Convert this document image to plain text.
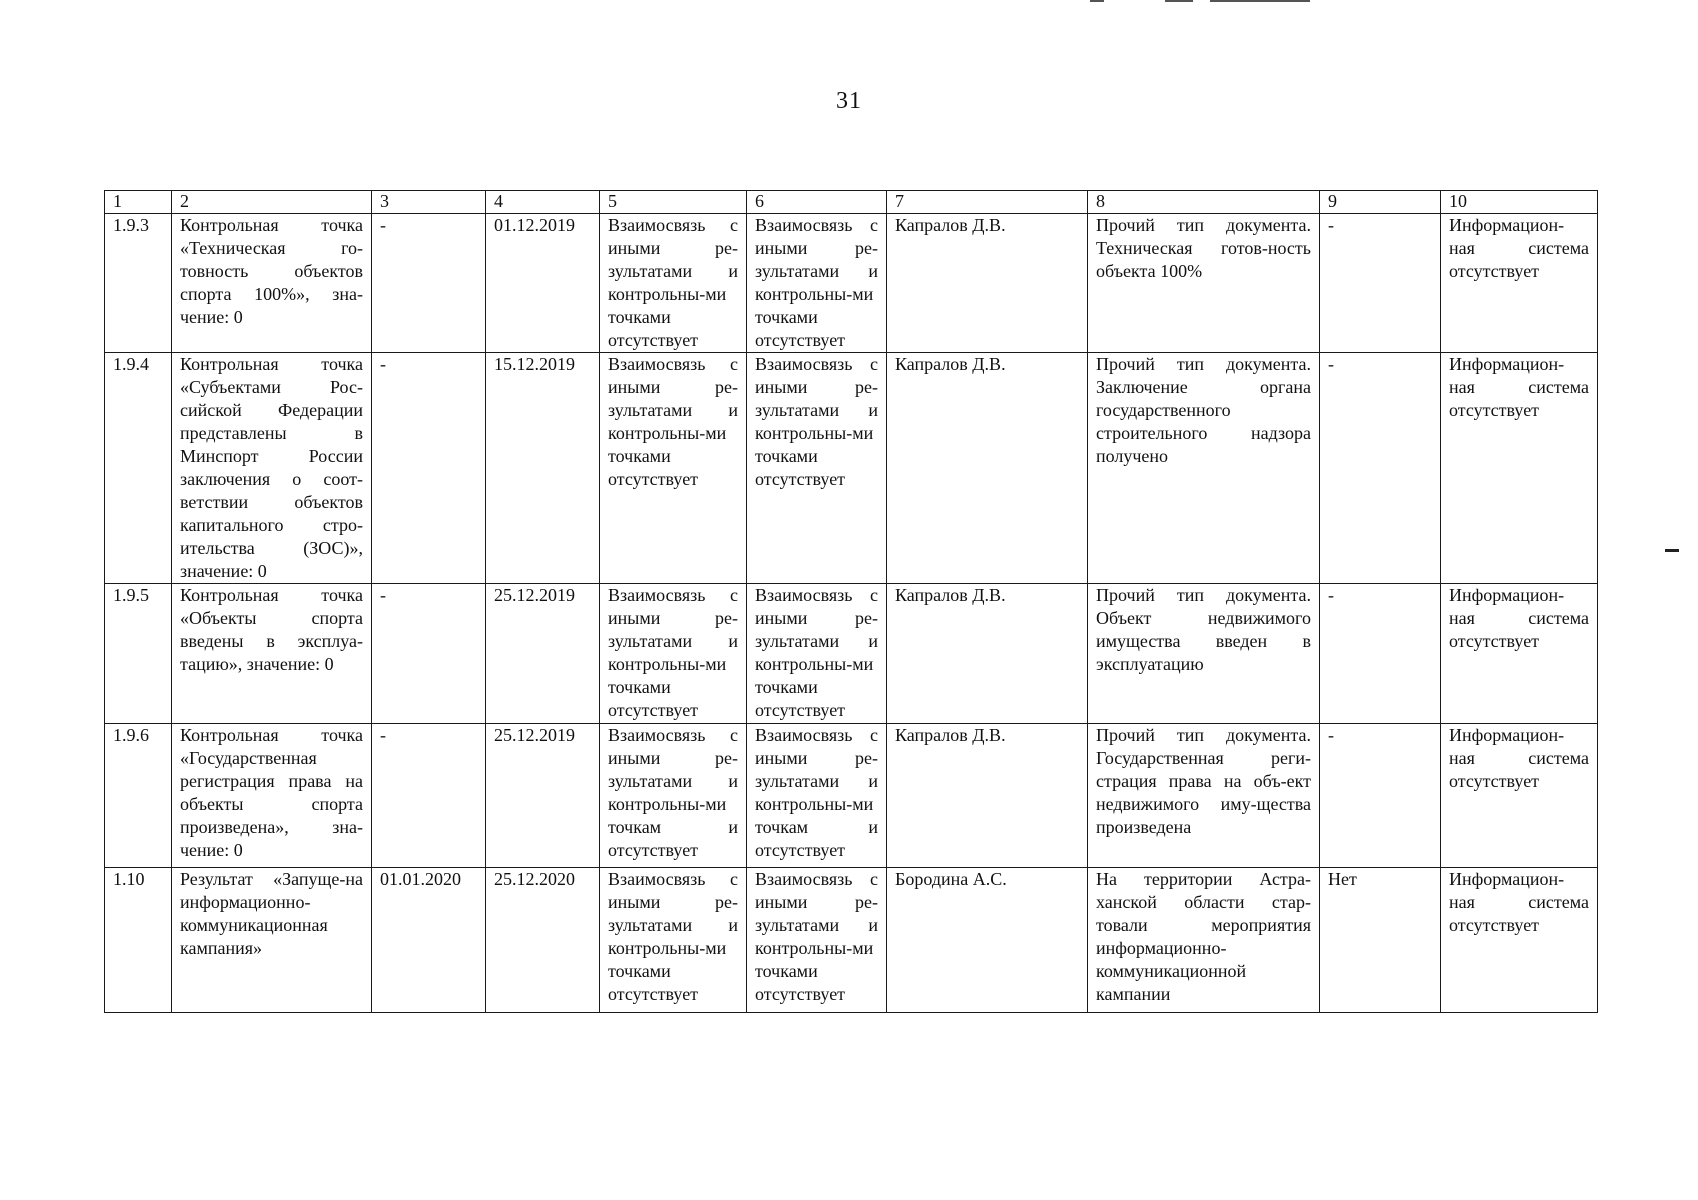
31
1	2	3	4	5	6	7	8	9	10
1.9.3	Контрольная точка «Техническая го-товность объектов спорта 100%», зна-чение: 0	-	01.12.2019	Взаимосвязь с иными ре-зультатами и контрольны-ми точками отсутствует	Взаимосвязь с иными ре-зультатами и контрольны-ми точками отсутствует	Капралов Д.В.	Прочий тип документа. Техническая готов-ность объекта 100%	-	Информацион-ная система отсутствует
1.9.4	Контрольная точка «Субъектами Рос-сийской Федерации представлены в Минспорт России заключения о соот-ветствии объектов капитального стро-ительства (ЗОС)», значение: 0	-	15.12.2019	Взаимосвязь с иными ре-зультатами и контрольны-ми точками отсутствует	Взаимосвязь с иными ре-зультатами и контрольны-ми точками отсутствует	Капралов Д.В.	Прочий тип документа. Заключение органа государственного строительного надзора получено	-	Информацион-ная система отсутствует
1.9.5	Контрольная точка «Объекты спорта введены в эксплуа-тацию», значение: 0	-	25.12.2019	Взаимосвязь с иными ре-зультатами и контрольны-ми точками отсутствует	Взаимосвязь с иными ре-зультатами и контрольны-ми точками отсутствует	Капралов Д.В.	Прочий тип документа. Объект недвижимого имущества введен в эксплуатацию	-	Информацион-ная система отсутствует
1.9.6	Контрольная точка «Государственная регистрация права на объекты спорта произведена», зна-чение: 0	-	25.12.2019	Взаимосвязь с иными ре-зультатами и контрольны-ми точкам и отсутствует	Взаимосвязь с иными ре-зультатами и контрольны-ми точкам и отсутствует	Капралов Д.В.	Прочий тип документа. Государственная реги-страция права на объ-ект недвижимого иму-щества произведена	-	Информацион-ная система отсутствует
1.10	Результат «Запуще-на информационно-коммуникационная кампания»	01.01.2020	25.12.2020	Взаимосвязь с иными ре-зультатами и контрольны-ми точками отсутствует	Взаимосвязь с иными ре-зультатами и контрольны-ми точками отсутствует	Бородина А.С.	На территории Астра-ханской области стар-товали мероприятия информационно-коммуникационной кампании	Нет	Информацион-ная система отсутствует
